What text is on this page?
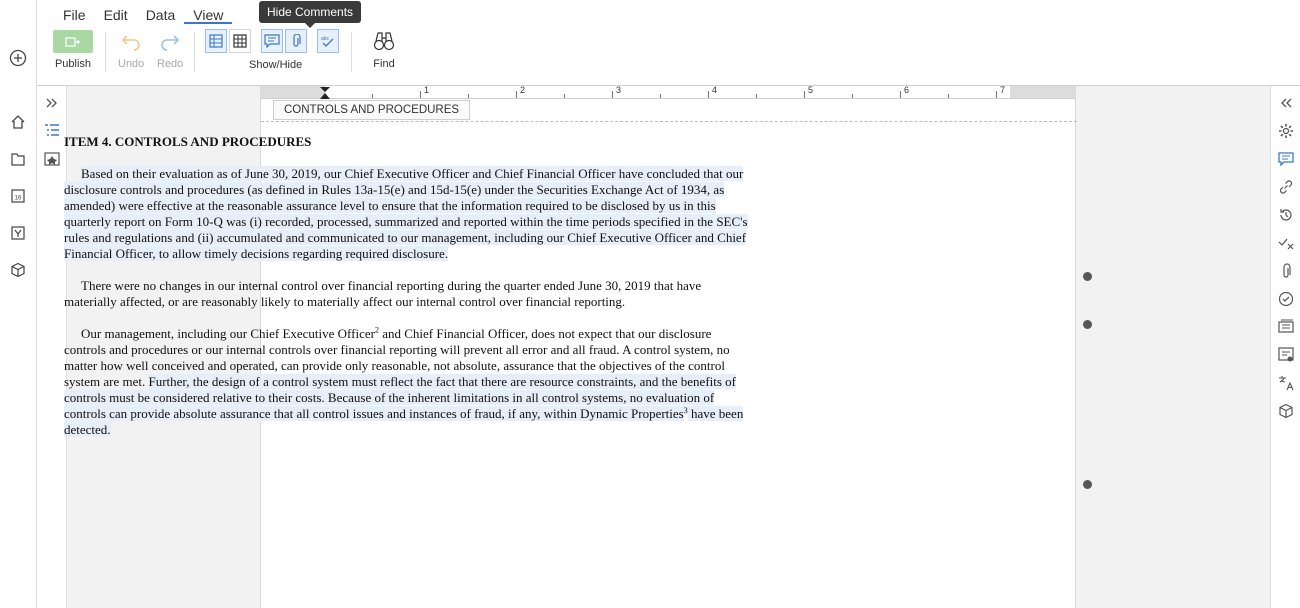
16
File	Edit	Data	View	Hide Comments
Publish Undo Redo
abc
Show/Hide	Find
1	2	3	4	5	6	7
CONTROLS AND PROCEDURES
ITEM 4. CONTROLS AND PROCEDURES

Based on their evaluation as of June 30, 2019, our Chief Executive Officer and Chief Financial Officer have concluded that our disclosure controls and procedures (as defined in Rules 13a-15(e) and 15d-15(e) under the Securities Exchange Act of 1934, as amended) were effective at the reasonable assurance level to ensure that the information required to be disclosed by us in this quarterly report on Form 10-Q was (i) recorded, processed, summarized and reported within the time periods specified in the SEC's rules and regulations and (ii) accumulated and communicated to our management, including our Chief Executive Officer and Chief Financial Officer, to allow timely decisions regarding required disclosure.

There were no changes in our internal control over financial reporting during the quarter ended June 30, 2019 that have materially affected, or are reasonably likely to materially affect our internal control over financial reporting.

Our management, including our Chief Executive Officer$^2$ and Chief Financial Officer, does not expect that our disclosure controls and procedures or our internal controls over financial reporting will prevent all error and all fraud. A control system, no matter how well conceived and operated, can provide only reasonable, not absolute, assurance that the objectives of the control system are met. Further, the design of a control system must reflect the fact that there are resource constraints, and the benefits of controls must be considered relative to their costs. Because of the inherent limitations in all control systems, no evaluation of controls can provide absolute assurance that all control issues and instances of fraud, if any, within Dynamic Properties$^3$ have been detected.
